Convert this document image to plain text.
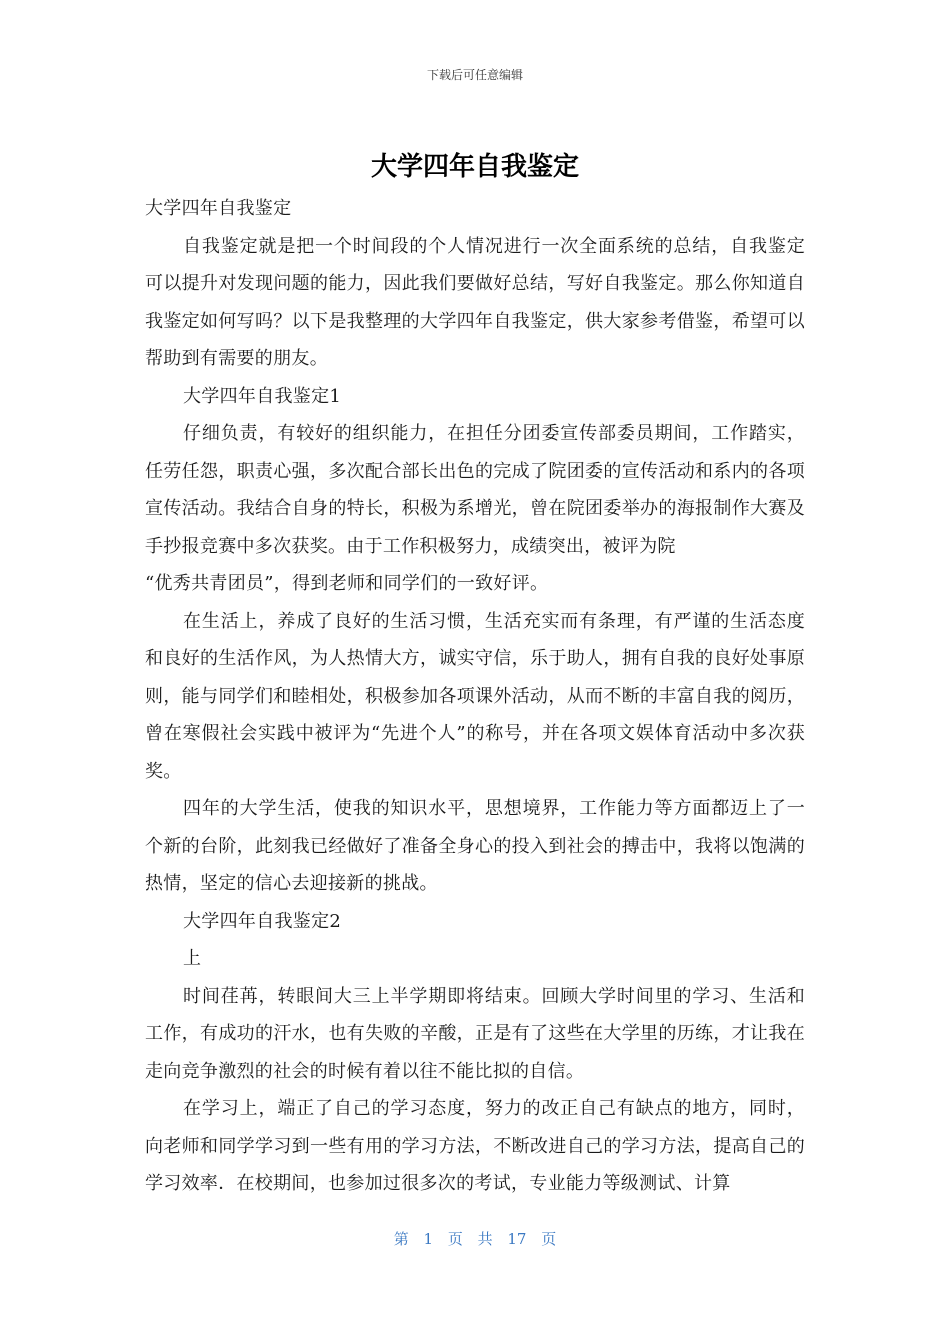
下载后可任意编辑
大学四年自我鉴定

大学四年自我鉴定

自我鉴定就是把一个时间段的个人情况进行一次全面系统的总结，自我鉴定可以提升对发现问题的能力，因此我们要做好总结，写好自我鉴定。那么你知道自我鉴定如何写吗？以下是我整理的大学四年自我鉴定，供大家参考借鉴，希望可以帮助到有需要的朋友。

大学四年自我鉴定1

仔细负责，有较好的组织能力，在担任分团委宣传部委员期间，工作踏实，任劳任怨，职责心强，多次配合部长出色的完成了院团委的宣传活动和系内的各项宣传活动。我结合自身的特长，积极为系增光，曾在院团委举办的海报制作大赛及手抄报竞赛中多次获奖。由于工作积极努力，成绩突出，被评为院

“优秀共青团员”，得到老师和同学们的一致好评。

在生活上，养成了良好的生活习惯，生活充实而有条理，有严谨的生活态度和良好的生活作风，为人热情大方，诚实守信，乐于助人，拥有自我的良好处事原则，能与同学们和睦相处，积极参加各项课外活动，从而不断的丰富自我的阅历，曾在寒假社会实践中被评为“先进个人”的称号，并在各项文娱体育活动中多次获奖。

四年的大学生活，使我的知识水平，思想境界，工作能力等方面都迈上了一个新的台阶，此刻我已经做好了准备全身心的投入到社会的搏击中，我将以饱满的热情，坚定的信心去迎接新的挑战。

大学四年自我鉴定2

上

时间荏苒，转眼间大三上半学期即将结束。回顾大学时间里的学习、生活和工作，有成功的汗水，也有失败的辛酸，正是有了这些在大学里的历练，才让我在走向竞争激烈的社会的时候有着以往不能比拟的自信。

在学习上，端正了自己的学习态度，努力的改正自己有缺点的地方，同时，向老师和同学学习到一些有用的学习方法，不断改进自己的学习方法，提高自己的学习效率．在校期间，也参加过很多次的考试，专业能力等级测试、计算

第 1 页 共 17 页
